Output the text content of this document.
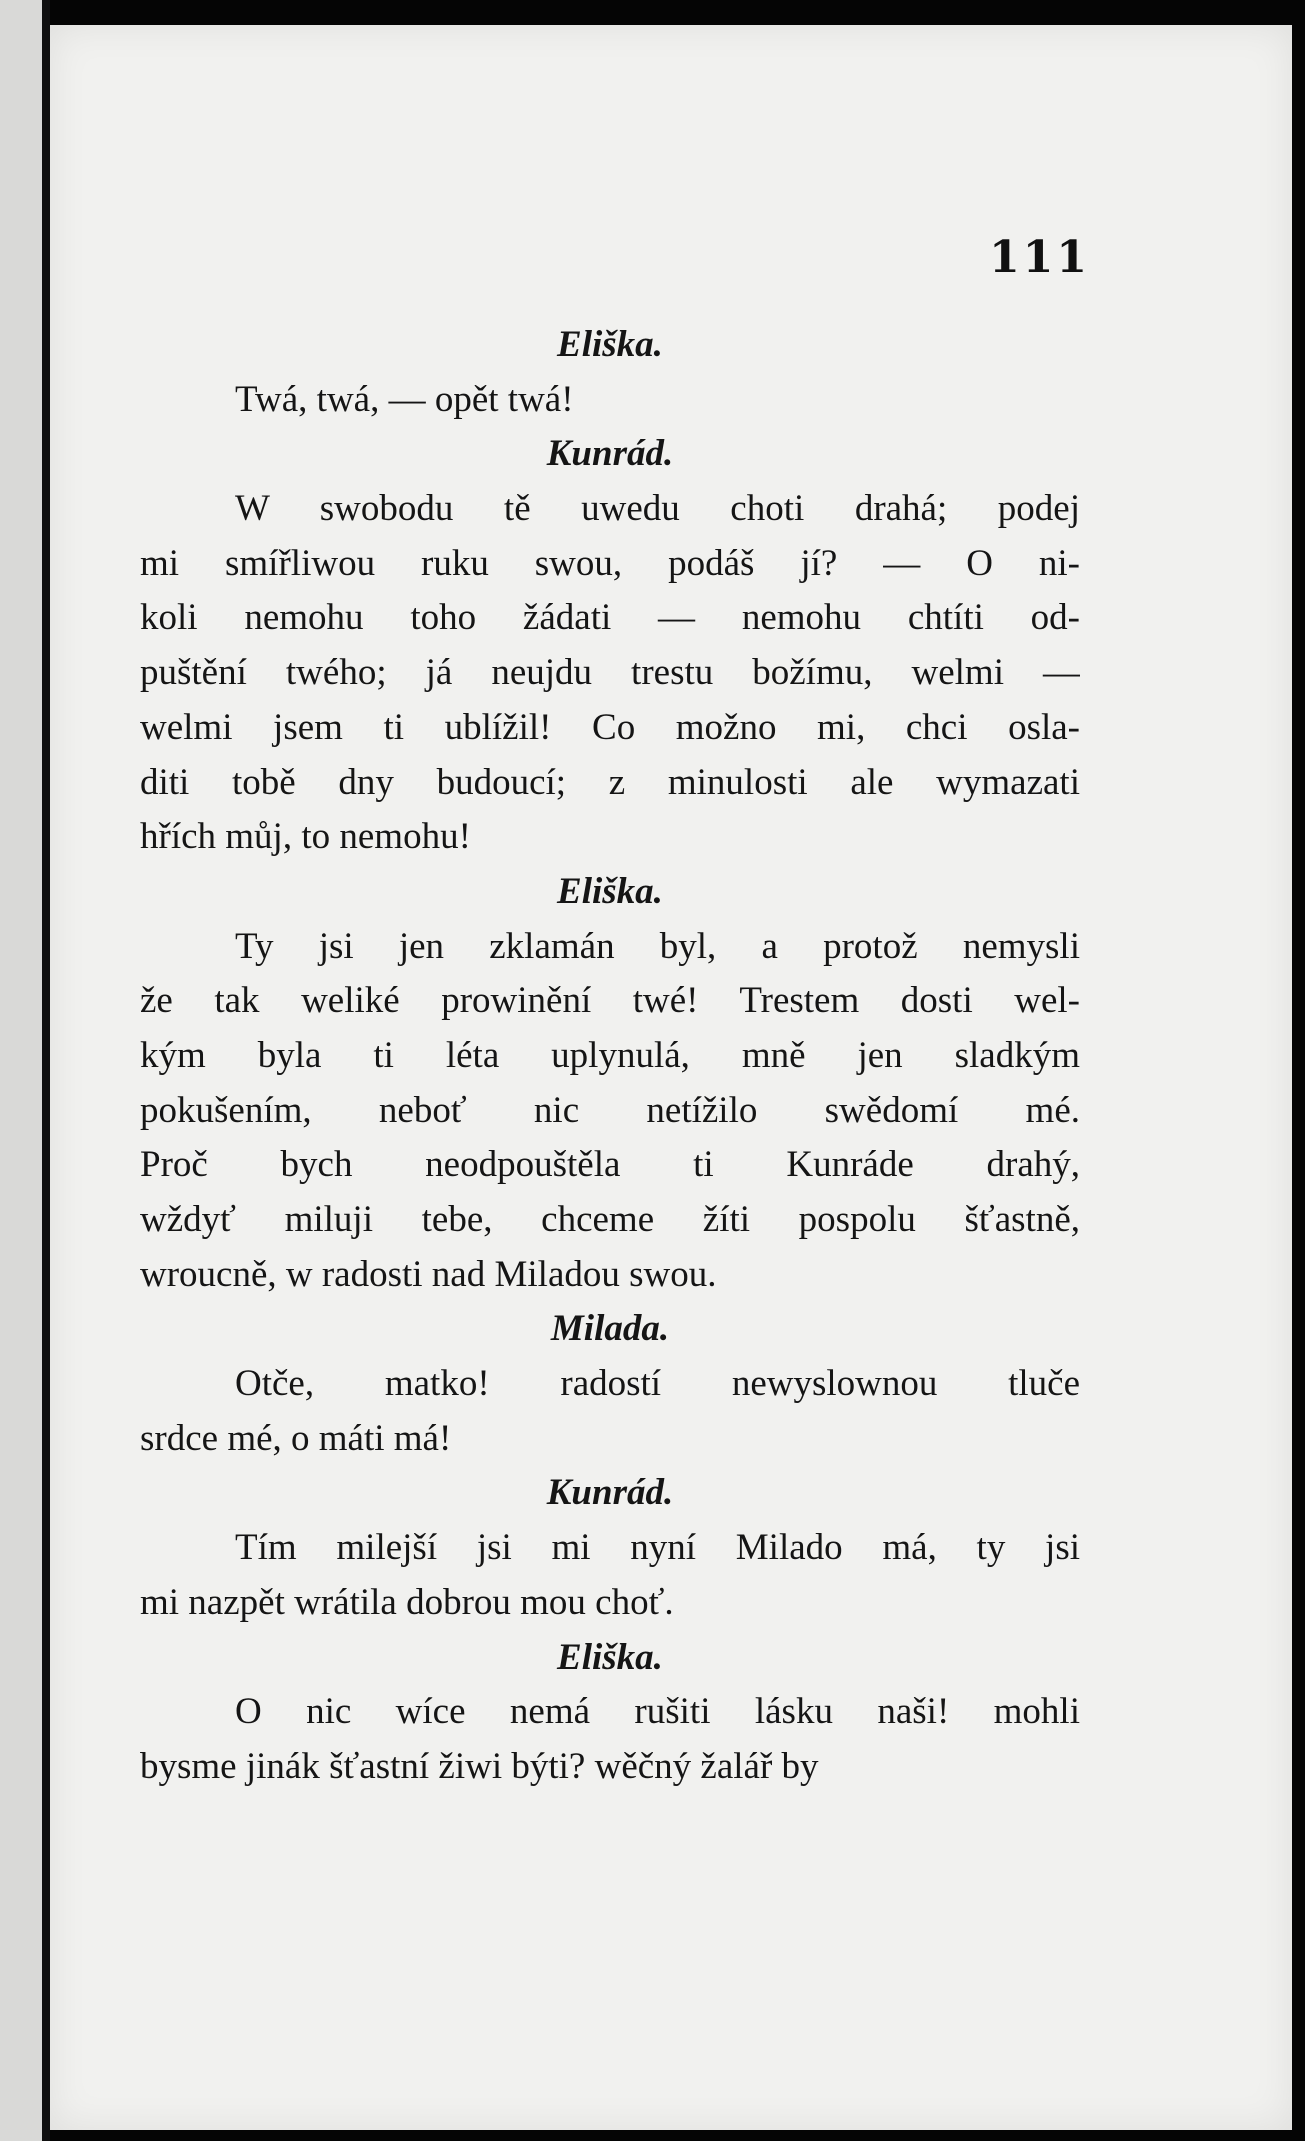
111
Eliška.
Twá, twá, — opět twá!
Kunrád.
W swobodu tě uwedu choti drahá; podej
mi smířliwou ruku swou, podáš jí? — O ni-
koli nemohu toho žádati — nemohu chtíti od-
puštění twého; já neujdu trestu božímu, welmi —
welmi jsem ti ublížil! Co možno mi, chci osla-
diti tobě dny budoucí; z minulosti ale wymazati
hřích můj, to nemohu!
Eliška.
Ty jsi jen zklamán byl, a protož nemysli
že tak weliké prowinění twé! Trestem dosti wel-
kým byla ti léta uplynulá, mně jen sladkým
pokušením, neboť nic netížilo swědomí mé.
Proč bych neodpouštěla ti Kunráde drahý,
wždyť miluji tebe, chceme žíti pospolu šťastně,
wroucně, w radosti nad Miladou swou.
Milada.
Otče, matko! radostí newyslownou tluče
srdce mé, o máti má!
Kunrád.
Tím milejší jsi mi nyní Milado má, ty jsi
mi nazpět wrátila dobrou mou choť.
Eliška.
O nic wíce nemá rušiti lásku naši! mohli
bysme jinák šťastní žiwi býti? wěčný žalář by
